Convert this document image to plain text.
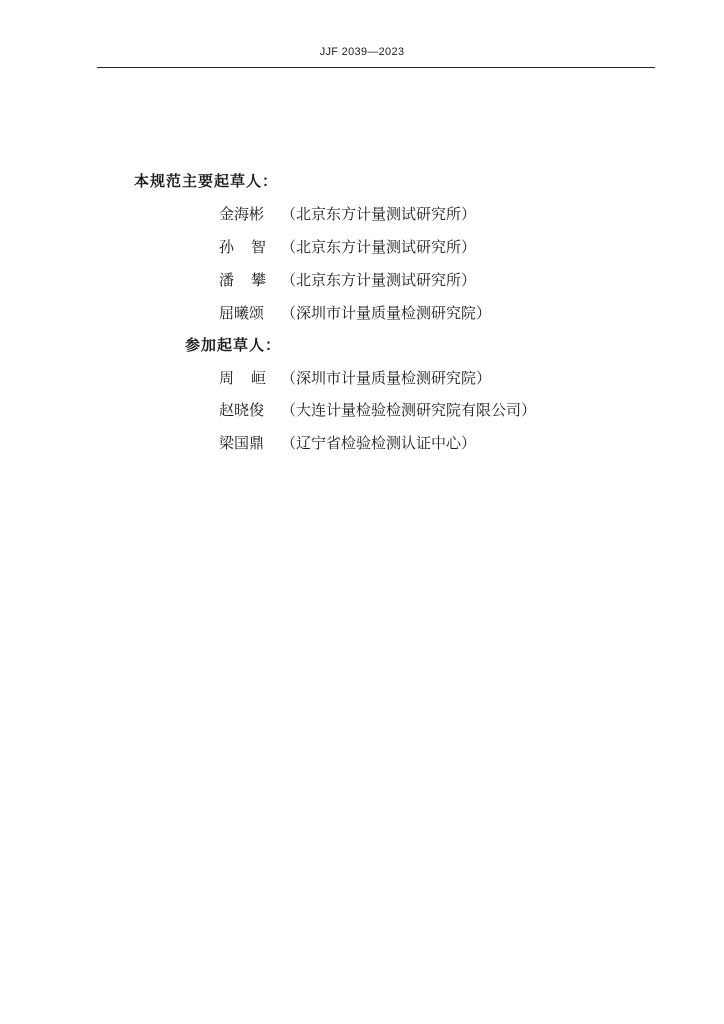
JJF 2039—2023
本规范主要起草人：
金海彬 （北京东方计量测试研究所）
孙 智 （北京东方计量测试研究所）
潘 攀 （北京东方计量测试研究所）
屈曦颂 （深圳市计量质量检测研究院）
参加起草人：
周 峘 （深圳市计量质量检测研究院）
赵晓俊 （大连计量检验检测研究院有限公司）
梁国鼎 （辽宁省检验检测认证中心）
